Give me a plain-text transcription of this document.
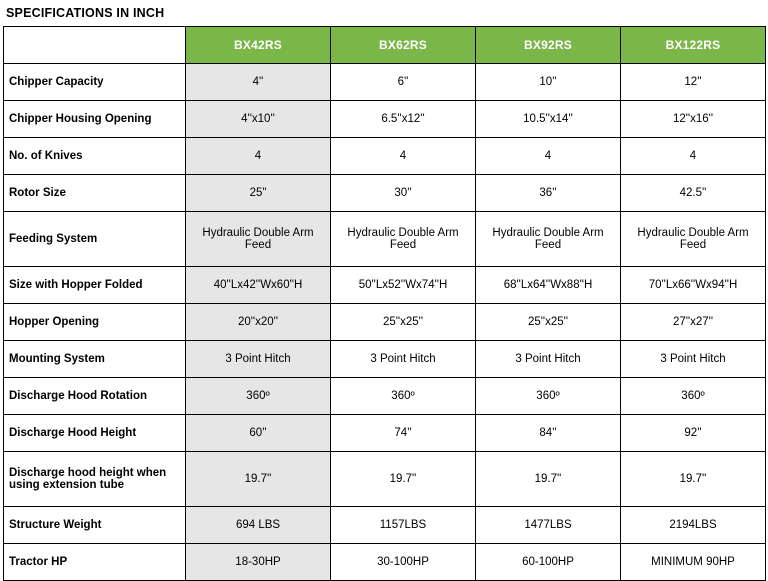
SPECIFICATIONS IN INCH
	BX42RS	BX62RS	BX92RS	BX122RS
Chipper Capacity	4''	6''	10''	12''
Chipper Housing Opening	4''x10''	6.5''x12''	10.5''x14''	12''x16''
No. of Knives	4	4	4	4
Rotor Size	25"	30''	36''	42.5''
Feeding System	Hydraulic Double Arm Feed	Hydraulic Double Arm Feed	Hydraulic Double Arm Feed	Hydraulic Double Arm Feed
Size with Hopper Folded	40''Lx42''Wx60''H	50''Lx52''Wx74''H	68''Lx64''Wx88''H	70''Lx66''Wx94''H
Hopper Opening	20''x20''	25''x25''	25''x25''	27''x27''
Mounting System	3 Point Hitch	3 Point Hitch	3 Point Hitch	3 Point Hitch
Discharge Hood Rotation	360º	360º	360º	360º
Discharge Hood Height	60''	74''	84''	92''
Discharge hood height when using extension tube	19.7''	19.7''	19.7''	19.7''
Structure Weight	694 LBS	1157LBS	1477LBS	2194LBS
Tractor HP	18-30HP	30-100HP	60-100HP	MINIMUM 90HP
